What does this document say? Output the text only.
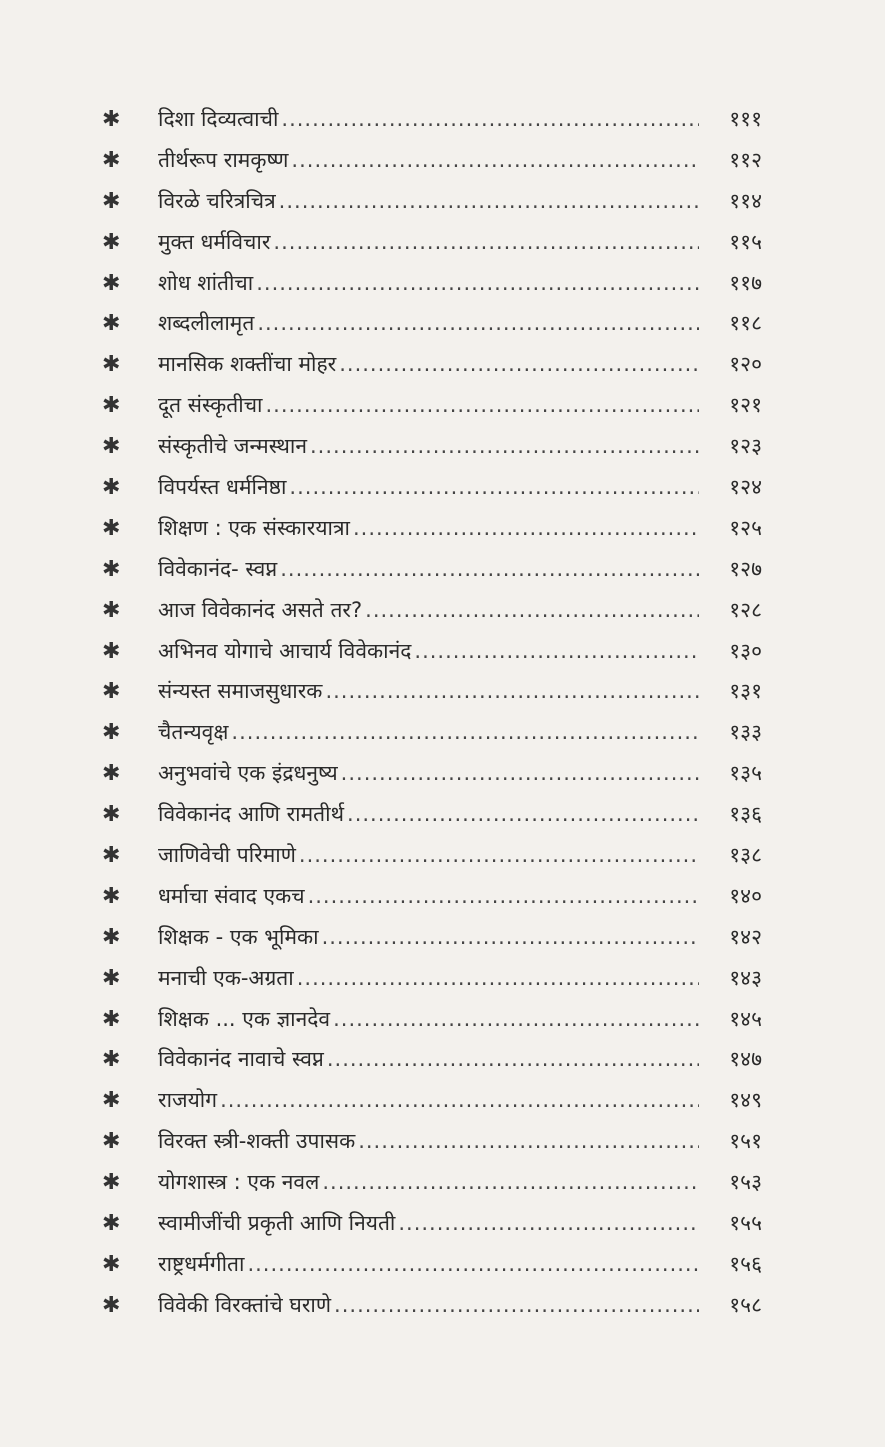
✱	दिशा दिव्यत्वाची .....	१११
✱	तीर्थरूप रामकृष्ण .....	११२
✱	विरळे चरित्रचित्र .....	११४
✱	मुक्त धर्मविचार .....	११५
✱	शोध शांतीचा .....	११७
✱	शब्दलीलामृत .....	११८
✱	मानसिक शक्तींचा मोहर .....	१२०
✱	दूत संस्कृतीचा .....	१२१
✱	संस्कृतीचे जन्मस्थान .....	१२३
✱	विपर्यस्त धर्मनिष्ठा .....	१२४
✱	शिक्षण : एक संस्कारयात्रा .....	१२५
✱	विवेकानंद- स्वप्न .....	१२७
✱	आज विवेकानंद असते तर? .....	१२८
✱	अभिनव योगाचे आचार्य विवेकानंद .....	१३०
✱	संन्यस्त समाजसुधारक .....	१३१
✱	चैतन्यवृक्ष .....	१३३
✱	अनुभवांचे एक इंद्रधनुष्य .....	१३५
✱	विवेकानंद आणि रामतीर्थ .....	१३६
✱	जाणिवेची परिमाणे .....	१३८
✱	धर्माचा संवाद एकच .....	१४०
✱	शिक्षक - एक भूमिका .....	१४२
✱	मनाची एक-अग्रता .....	१४३
✱	शिक्षक ... एक ज्ञानदेव .....	१४५
✱	विवेकानंद नावाचे स्वप्न .....	१४७
✱	राजयोग .....	१४९
✱	विरक्त स्त्री-शक्ती उपासक .....	१५१
✱	योगशास्त्र : एक नवल .....	१५३
✱	स्वामीजींची प्रकृती आणि नियती .....	१५५
✱	राष्ट्रधर्मगीता .....	१५६
✱	विवेकी विरक्तांचे घराणे .....	१५८
